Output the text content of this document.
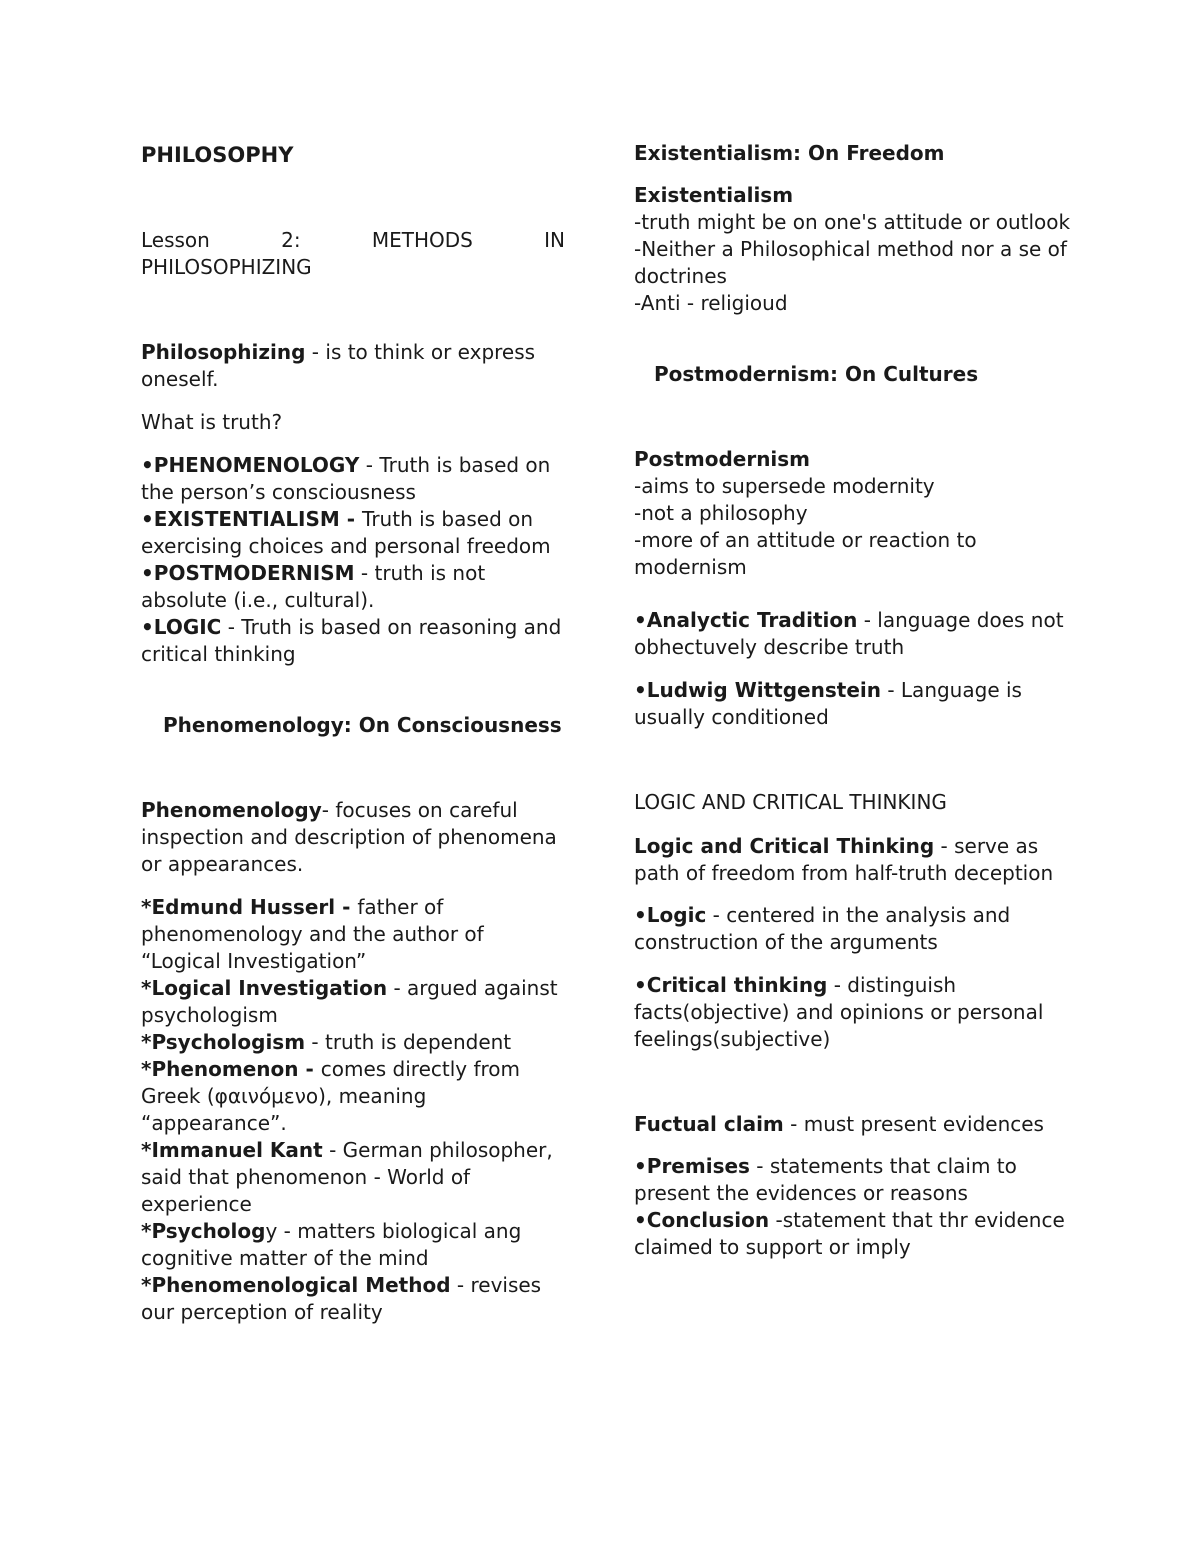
PHILOSOPHY

Lesson	2:	METHODS	IN

PHILOSOPHIZING

Philosophizing - is to think or express oneself.

What is truth?

•PHENOMENOLOGY - Truth is based on the person’s consciousness

•EXISTENTIALISM - Truth is based on exercising choices and personal freedom

•POSTMODERNISM - truth is not absolute (i.e., cultural).

•LOGIC - Truth is based on reasoning and critical thinking

Phenomenology: On Consciousness

Phenomenology- focuses on careful inspection and description of phenomena or appearances.

*Edmund Husserl - father of phenomenology and the author of “Logical Investigation”

*Logical Investigation - argued against psychologism

*Psychologism - truth is dependent

*Phenomenon - comes directly from Greek (φαινόμενο), meaning “appearance”.

*Immanuel Kant - German philosopher, said that phenomenon - World of experience

*Psychology - matters biological ang cognitive matter of the mind

*Phenomenological Method - revises our perception of reality

Existentialism: On Freedom

Existentialism

-truth might be on one's attitude or outlook

-Neither a Philosophical method nor a se of doctrines

-Anti - religioud

Postmodernism: On Cultures

Postmodernism

-aims to supersede modernity

-not a philosophy

-more of an attitude or reaction to modernism

•Analyctic Tradition - language does not obhectuvely describe truth

•Ludwig Wittgenstein - Language is usually conditioned

LOGIC AND CRITICAL THINKING

Logic and Critical Thinking - serve as path of freedom from half-truth deception

•Logic - centered in the analysis and construction of the arguments

•Critical thinking - distinguish facts(objective) and opinions or personal feelings(subjective)

Fuctual claim - must present evidences

•Premises - statements that claim to present the evidences or reasons

•Conclusion -statement that thr evidence claimed to support or imply
